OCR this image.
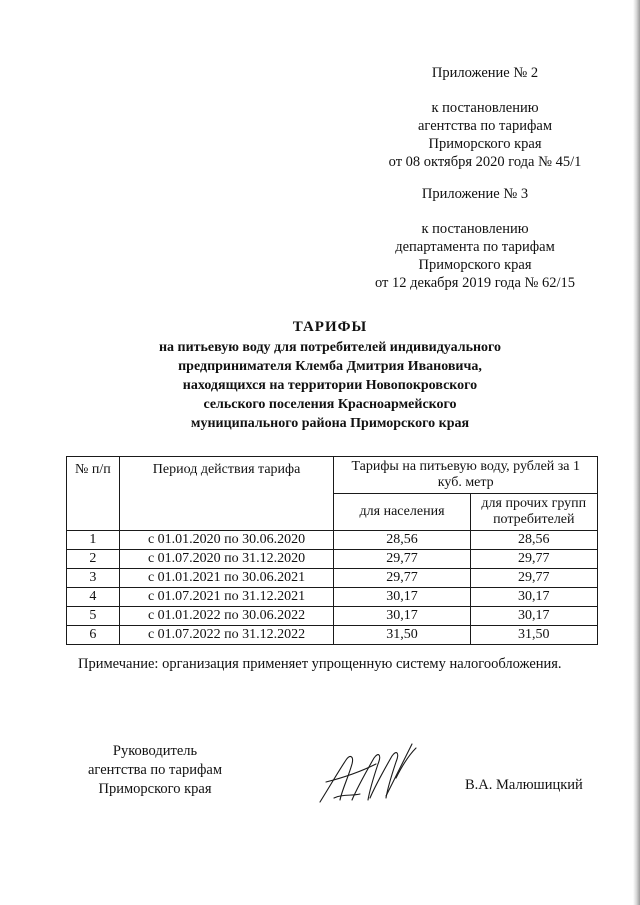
Приложение № 2
к постановлению
агентства по тарифам
Приморского края
от 08 октября 2020 года № 45/1
Приложение № 3
к постановлению
департамента по тарифам
Приморского края
от 12 декабря 2019 года № 62/15
ТАРИФЫ
на питьевую воду для потребителей индивидуального
предпринимателя Клемба Дмитрия Ивановича,
находящихся на территории Новопокровского
сельского поселения Красноармейского
муниципального района Приморского края
№ п/п	Период действия тарифа	Тарифы на питьевую воду, рублей за 1 куб. метр	
		для населения	для прочих групп потребителей
1	с 01.01.2020 по 30.06.2020	28,56	28,56
2	с 01.07.2020 по 31.12.2020	29,77	29,77
3	с 01.01.2021 по 30.06.2021	29,77	29,77
4	с 01.07.2021 по 31.12.2021	30,17	30,17
5	с 01.01.2022 по 30.06.2022	30,17	30,17
6	с 01.07.2022 по 31.12.2022	31,50	31,50
Примечание: организация применяет упрощенную систему налогообложения.
Руководитель
агентства по тарифам
Приморского края	В.А. Малюшицкий
